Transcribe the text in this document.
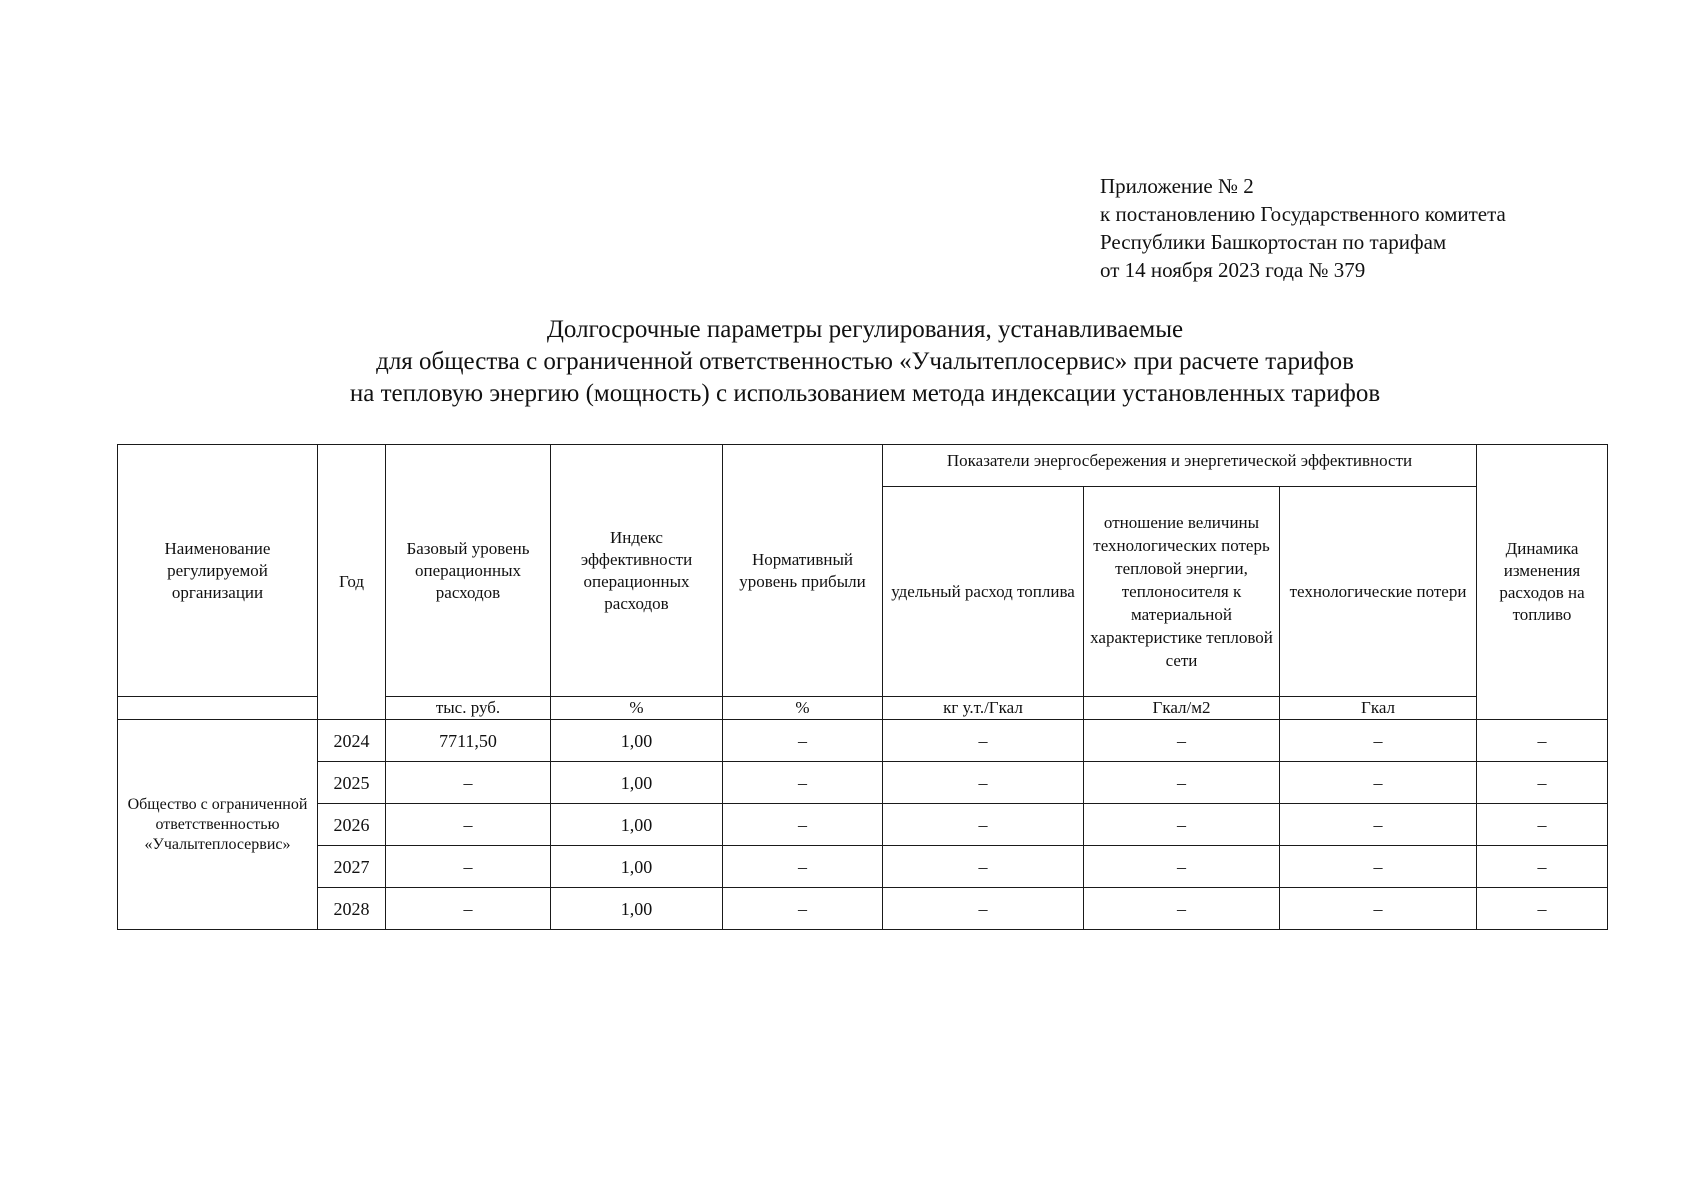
Приложение № 2
к постановлению Государственного комитета
Республики Башкортостан по тарифам
от 14 ноября 2023 года № 379
Долгосрочные параметры регулирования, устанавливаемые
для общества с ограниченной ответственностью «Учалытеплосервис» при расчете тарифов
на тепловую энергию (мощность) с использованием метода индексации установленных тарифов
Наименование регулируемой организации	Год	Базовый уровень операционных расходов	Индекс эффективности операционных расходов	Нормативный уровень прибыли	Показатели энергосбережения и энергетической эффективности			Динамика изменения расходов на топливо
					удельный расход топлива	отношение величины технологических потерь тепловой энергии, теплоносителя к материальной характеристике тепловой сети	технологические потери	
		тыс. руб.	%	%	кг у.т./Гкал	Гкал/м2	Гкал	
Общество с ограниченной ответственностью «Учалытеплосервис»	2024	7711,50	1,00	–	–	–	–	–
	2025	–	1,00	–	–	–	–	–
	2026	–	1,00	–	–	–	–	–
	2027	–	1,00	–	–	–	–	–
	2028	–	1,00	–	–	–	–	–
